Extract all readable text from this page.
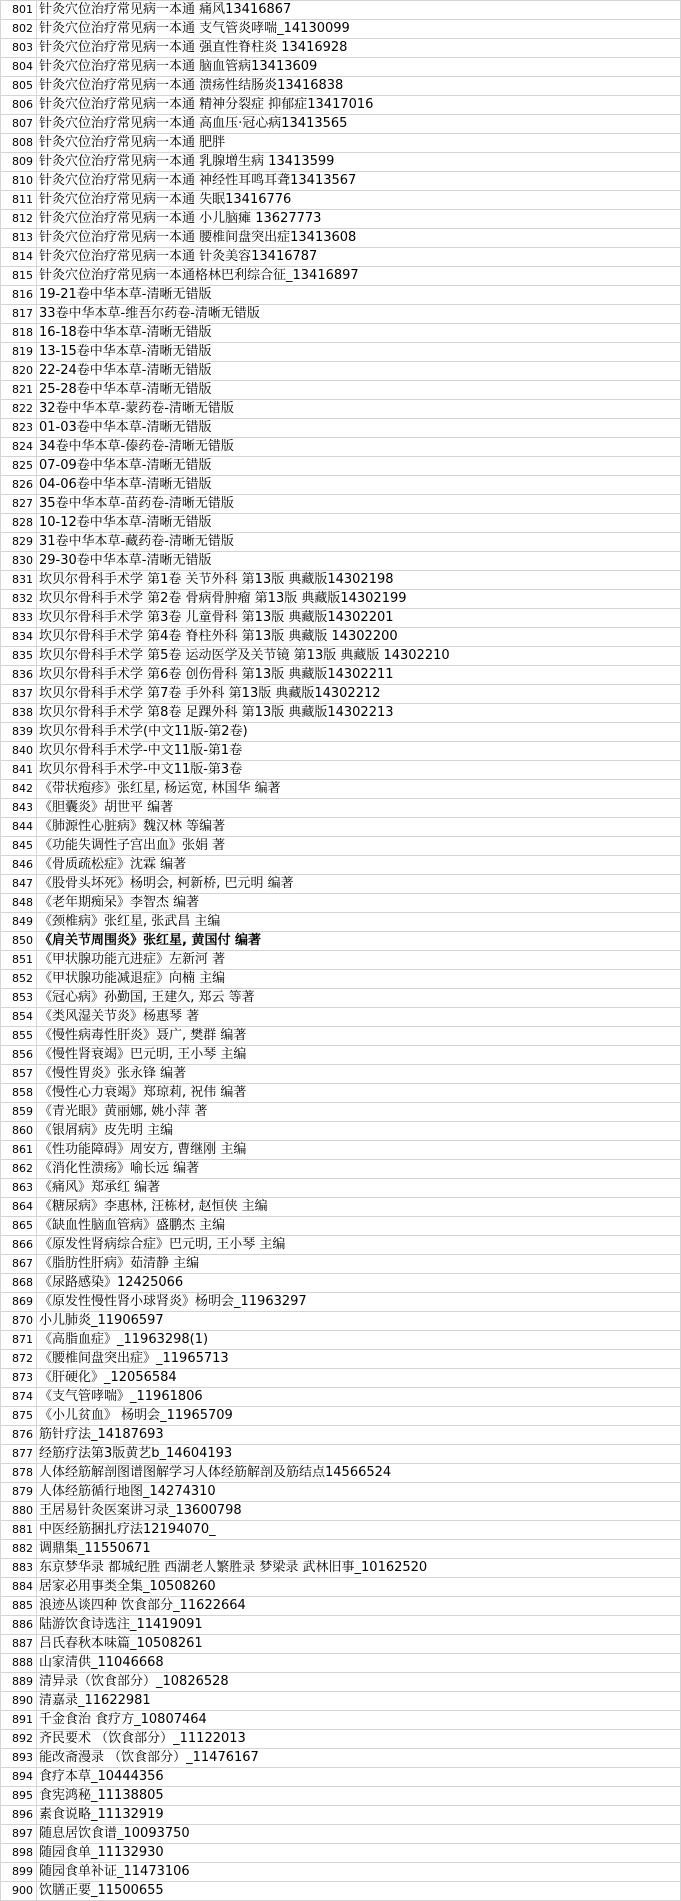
801 针灸穴位治疗常见病一本通 痛风13416867
802 针灸穴位治疗常见病一本通 支气管炎哮喘_14130099
803 针灸穴位治疗常见病一本通 强直性脊柱炎 13416928
804 针灸穴位治疗常见病一本通 脑血管病13413609
805 针灸穴位治疗常见病一本通 溃疡性结肠炎13416838
806 针灸穴位治疗常见病一本通 精神分裂症 抑郁症13417016
807 针灸穴位治疗常见病一本通 高血压·冠心病13413565
808 针灸穴位治疗常见病一本通 肥胖
809 针灸穴位治疗常见病一本通 乳腺增生病 13413599
810 针灸穴位治疗常见病一本通 神经性耳鸣耳聋13413567
811 针灸穴位治疗常见病一本通 失眠13416776
812 针灸穴位治疗常见病一本通 小儿脑瘫 13627773
813 针灸穴位治疗常见病一本通 腰椎间盘突出症13413608
814 针灸穴位治疗常见病一本通 针灸美容13416787
815 针灸穴位治疗常见病一本通格林巴利综合征_13416897
816 19-21卷中华本草-清晰无错版
817 33卷中华本草-维吾尔药卷-清晰无错版
818 16-18卷中华本草-清晰无错版
819 13-15卷中华本草-清晰无错版
820 22-24卷中华本草-清晰无错版
821 25-28卷中华本草-清晰无错版
822 32卷中华本草-蒙药卷-清晰无错版
823 01-03卷中华本草-清晰无错版
824 34卷中华本草-傣药卷-清晰无错版
825 07-09卷中华本草-清晰无错版
826 04-06卷中华本草-清晰无错版
827 35卷中华本草-苗药卷-清晰无错版
828 10-12卷中华本草-清晰无错版
829 31卷中华本草-藏药卷-清晰无错版
830 29-30卷中华本草-清晰无错版
831 坎贝尔骨科手术学 第1卷 关节外科 第13版 典藏版14302198
832 坎贝尔骨科手术学 第2卷 骨病骨肿瘤 第13版 典藏版14302199
833 坎贝尔骨科手术学 第3卷 儿童骨科 第13版 典藏版14302201
834 坎贝尔骨科手术学 第4卷 脊柱外科 第13版 典藏版 14302200
835 坎贝尔骨科手术学 第5卷 运动医学及关节镜 第13版 典藏版 14302210
836 坎贝尔骨科手术学 第6卷 创伤骨科 第13版 典藏版14302211
837 坎贝尔骨科手术学 第7卷 手外科 第13版 典藏版14302212
838 坎贝尔骨科手术学 第8卷 足踝外科 第13版 典藏版14302213
839 坎贝尔骨科手术学(中文11版-第2卷)
840 坎贝尔骨科手术学-中文11版-第1卷
841 坎贝尔骨科手术学-中文11版-第3卷
842 《带状疱疹》张红星, 杨运宽, 林国华 编著
843 《胆囊炎》胡世平 编著
844 《肺源性心脏病》魏汉林 等编著
845 《功能失调性子宫出血》张娟 著
846 《骨质疏松症》沈霖 编著
847 《股骨头坏死》杨明会, 柯新桥, 巴元明 编著
848 《老年期痴呆》李智杰 编著
849 《颈椎病》张红星, 张武昌 主编
850 《肩关节周围炎》张红星, 黄国付 编著
851 《甲状腺功能亢进症》左新河 著
852 《甲状腺功能减退症》向楠 主编
853 《冠心病》孙勤国, 王建久, 郑云 等著
854 《类风湿关节炎》杨惠琴 著
855 《慢性病毒性肝炎》聂广, 樊群 编著
856 《慢性肾衰竭》巴元明, 王小琴 主编
857 《慢性胃炎》张永锋 编著
858 《慢性心力衰竭》郑琼莉, 祝伟 编著
859 《青光眼》黄丽娜, 姚小萍 著
860 《银屑病》皮先明 主编
861 《性功能障碍》周安方, 曹继刚 主编
862 《消化性溃疡》喻长远 编著
863 《痛风》郑承红 编著
864 《糖尿病》李惠林, 汪栋材, 赵恒侠 主编
865 《缺血性脑血管病》盛鹏杰 主编
866 《原发性肾病综合症》巴元明, 王小琴 主编
867 《脂肪性肝病》茹清静 主编
868 《尿路感染》12425066
869 《原发性慢性肾小球肾炎》杨明会_11963297
870 小儿肺炎_11906597
871 《高脂血症》_11963298(1)
872 《腰椎间盘突出症》_11965713
873 《肝硬化》_12056584
874 《支气管哮喘》_11961806
875 《小儿贫血》 杨明会_11965709
876 筋针疗法_14187693
877 经筋疗法第3版黄艺b_14604193
878 人体经筋解剖图谱图解学习人体经筋解剖及筋结点14566524
879 人体经筋循行地图_14274310
880 王居易针灸医案讲习录_13600798
881 中医经筋捆扎疗法12194070_
882 调鼎集_11550671
883 东京梦华录 都城纪胜 西湖老人繁胜录 梦梁录 武林旧事_10162520
884 居家必用事类全集_10508260
885 浪迹丛谈四种 饮食部分_11622664
886 陆游饮食诗选注_11419091
887 吕氏春秋本味篇_10508261
888 山家清供_11046668
889 清异录（饮食部分）_10826528
890 清嘉录_11622981
891 千金食治 食疗方_10807464
892 齐民要术 （饮食部分）_11122013
893 能改斋漫录 （饮食部分）_11476167
894 食疗本草_10444356
895 食宪鸿秘_11138805
896 素食说略_11132919
897 随息居饮食谱_10093750
898 随园食单_11132930
899 随园食单补证_11473106
900 饮膳正要_11500655
